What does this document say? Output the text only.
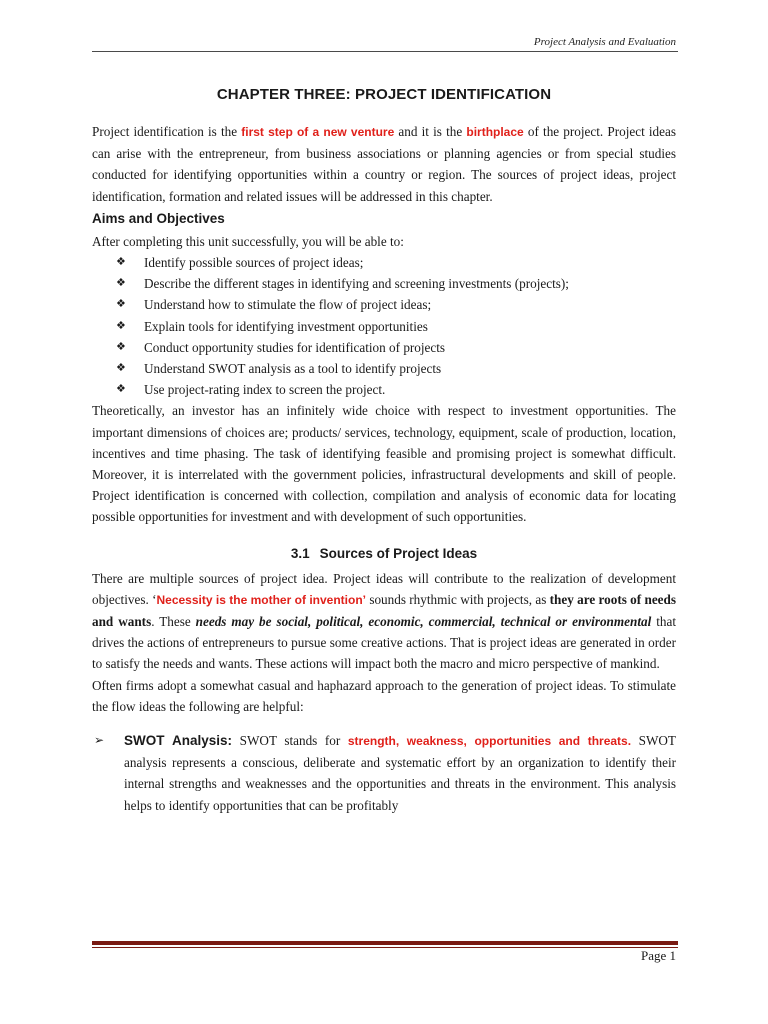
Project Analysis and Evaluation
CHAPTER THREE: PROJECT IDENTIFICATION

Project identification is the first step of a new venture and it is the birthplace of the project. Project ideas can arise with the entrepreneur, from business associations or planning agencies or from special studies conducted for identifying opportunities within a country or region. The sources of project ideas, project identification, formation and related issues will be addressed in this chapter.

Aims and Objectives

After completing this unit successfully, you will be able to:

❖ Identify possible sources of project ideas;
❖ Describe the different stages in identifying and screening investments (projects);
❖ Understand how to stimulate the flow of project ideas;
❖ Explain tools for identifying investment opportunities
❖ Conduct opportunity studies for identification of projects
❖ Understand SWOT analysis as a tool to identify projects
❖ Use project-rating index to screen the project.

Theoretically, an investor has an infinitely wide choice with respect to investment opportunities. The important dimensions of choices are; products/ services, technology, equipment, scale of production, location, incentives and time phasing. The task of identifying feasible and promising project is somewhat difficult. Moreover, it is interrelated with the government policies, infrastructural developments and skill of people. Project identification is concerned with collection, compilation and analysis of economic data for locating possible opportunities for investment and with development of such opportunities.

3.1 Sources of Project Ideas

There are multiple sources of project idea. Project ideas will contribute to the realization of development objectives. ‘Necessity is the mother of invention’ sounds rhythmic with projects, as they are roots of needs and wants. These needs may be social, political, economic, commercial, technical or environmental that drives the actions of entrepreneurs to pursue some creative actions. That is project ideas are generated in order to satisfy the needs and wants. These actions will impact both the macro and micro perspective of mankind.

Often firms adopt a somewhat casual and haphazard approach to the generation of project ideas. To stimulate the flow ideas the following are helpful:

➢ SWOT Analysis: SWOT stands for strength, weakness, opportunities and threats. SWOT analysis represents a conscious, deliberate and systematic effort by an organization to identify their internal strengths and weaknesses and the opportunities and threats in the environment. This analysis helps to identify opportunities that can be profitably

Page 1
